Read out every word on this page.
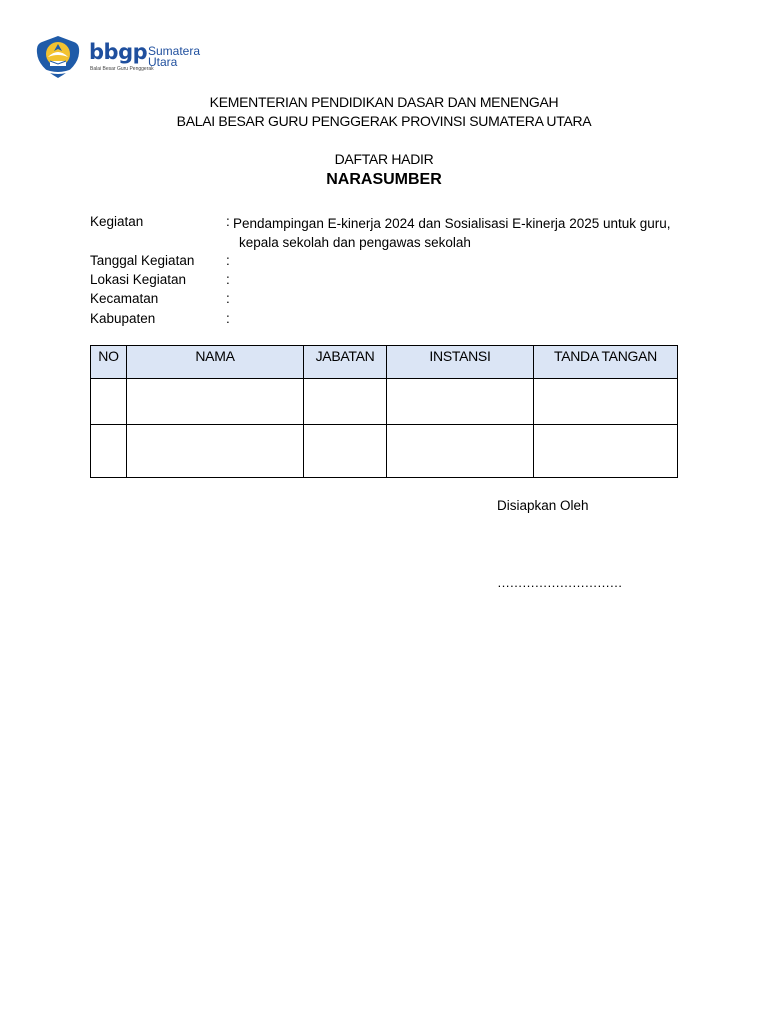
bbgp Sumatera
Utara
Balai Besar Guru Penggerak
KEMENTERIAN PENDIDIKAN DASAR DAN MENENGAH
BALAI BESAR GURU PENGGERAK PROVINSI SUMATERA UTARA
DAFTAR HADIR
NARASUMBER
Kegiatan	: Pendampingan E-kinerja 2024 dan Sosialisasi E-kinerja 2025 untuk guru,
kepala sekolah dan pengawas sekolah
Tanggal Kegiatan :
Lokasi Kegiatan	:
Kecamatan	:
Kabupaten	:
NO	NAMA	JABATAN	INSTANSI	TANDA TANGAN

Disiapkan Oleh
…………………………
